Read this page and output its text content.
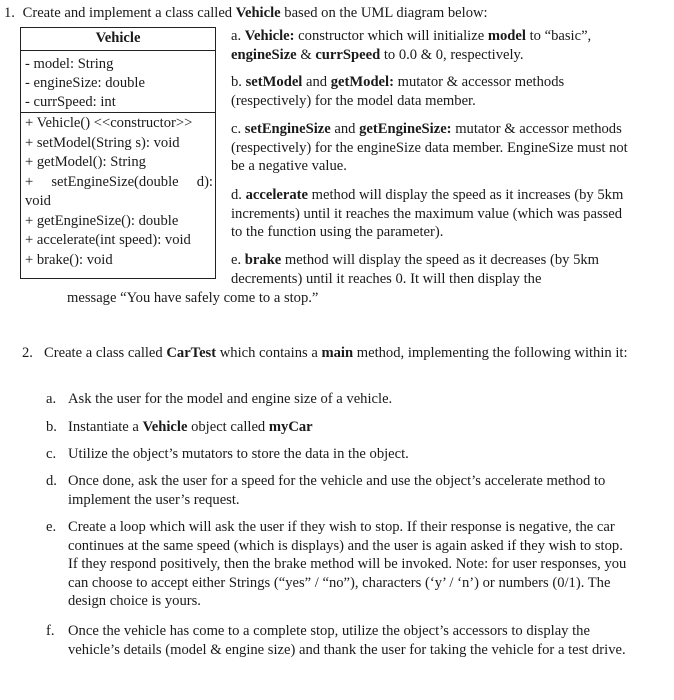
1. Create and implement a class called Vehicle based on the UML diagram below:
Vehicle
- model: String
- engineSize: double
- currSpeed: int
+ Vehicle() <<constructor>>
+ setModel(String s): void
+ getModel(): String
+ setEngineSize(double d): void
+ getEngineSize(): double
+ accelerate(int speed): void
+ brake(): void
a. Vehicle: constructor which will initialize model to “basic”, engineSize & currSpeed to 0.0 & 0, respectively.
b. setModel and getModel: mutator & accessor methods (respectively) for the model data member.
c. setEngineSize and getEngineSize: mutator & accessor methods (respectively) for the engineSize data member. EngineSize must not be a negative value.
d. accelerate method will display the speed as it increases (by 5km increments) until it reaches the maximum value (which was passed to the function using the parameter).
e. brake method will display the speed as it decreases (by 5km decrements) until it reaches 0. It will then display the
message “You have safely come to a stop.”
2. Create a class called CarTest which contains a main method, implementing the following within it:
a. Ask the user for the model and engine size of a vehicle.
b. Instantiate a Vehicle object called myCar
c. Utilize the object’s mutators to store the data in the object.
d. Once done, ask the user for a speed for the vehicle and use the object’s accelerate method to implement the user’s request.
e. Create a loop which will ask the user if they wish to stop. If their response is negative, the car continues at the same speed (which is displays) and the user is again asked if they wish to stop. If they respond positively, then the brake method will be invoked. Note: for user responses, you can choose to accept either Strings (“yes” / “no”), characters (‘y’ / ‘n’) or numbers (0/1). The design choice is yours.
f. Once the vehicle has come to a complete stop, utilize the object’s accessors to display the vehicle’s details (model & engine size) and thank the user for taking the vehicle for a test drive.
